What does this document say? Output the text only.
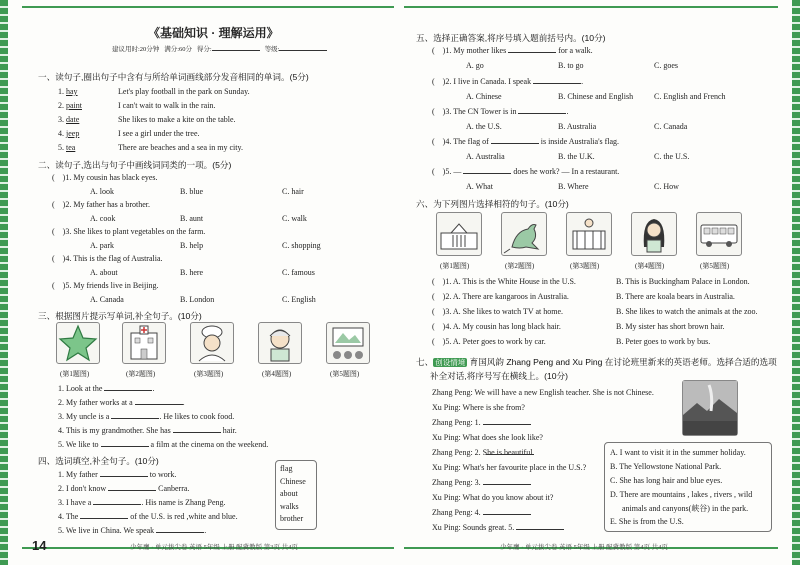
《基础知识 · 理解运用》
建议用时:20分钟 满分:60分 得分:	等级:
一、读句子,圈出句子中含有与所给单词画线部分发音相同的单词。(5分)
1. hay	Let's play football in the park on Sunday.
2. paint	I can't wait to walk in the rain.
3. date	She likes to make a kite on the table.
4. jeep	I see a girl under the tree.
5. tea	There are beaches and a sea in my city.
二、读句子,选出与句子中画线词同类的一项。(5分)
(    )1. My cousin has black eyes.
A. look	B. blue	C. hair
(    )2. My father has a brother.
A. cook	B. aunt	C. walk
(    )3. She likes to plant vegetables on the farm.
A. park	B. help	C. shopping
(    )4. This is the flag of Australia.
A. about	B. here	C. famous
(    )5. My friends live in Beijing.
A. Canada	B. London	C. English
三、根据图片提示写单词,补全句子。(10分)
(第1题图)	(第2题图)	(第3题图)	(第4题图)	(第5题图)
1. Look at the	.
2. My father works at a	.
3. My uncle is a	. He likes to cook food.
4. This is my grandmother. She has	hair.
5. We like to	a film at the cinema on the weekend.
四、选词填空,补全句子。(10分)
1. My father	to work.
2. I don't know	Canberra.
3. I have a	. His name is Zhang Peng.
4. The	of the U.S. is red ,white and blue.
5. We live in China. We speak	.
flag
Chinese
about
walks
brother
14	少年鹰 · 单元拔尖卷 英语 5年级 上册 配冀教版 第3页 共4页
五、选择正确答案,将序号填入题前括号内。(10分)
(    )1. My mother likes	for a walk.
A. go	B. to go	C. goes
(    )2. I live in Canada. I speak	.
A. Chinese	B. Chinese and English	C. English and French
(    )3. The CN Tower is in	.
A. the U.S.	B. Australia	C. Canada
(    )4. The flag of	is inside Australia's flag.
A. Australia	B. the U.K.	C. the U.S.
(    )5. —	does he work? — In a restaurant.
A. What	B. Where	C. How
六、为下列图片选择相符的句子。(10分)
(第1题图)	(第2题图)	(第3题图)	(第4题图)	(第5题图)
(    )1. A. This is the White House in the U.S.	B. This is Buckingham Palace in London.
(    )2. A. There are kangaroos in Australia.	B. There are koala bears in Australia.
(    )3. A. She likes to watch TV at home.	B. She likes to watch the animals at the zoo.
(    )4. A. My cousin has long black hair.	B. My sister has short brown hair.
(    )5. A. Peter goes to work by car.	B. Peter goes to work by bus.
七、 创设情境 育国风韵 Zhang Peng and Xu Ping 在讨论班里新来的英语老师。选择合适的选项
补全对话,将序号写在横线上。(10分)
Zhang Peng: We will have a new English teacher. She is not Chinese.
Xu Ping: Where is she from?
Zhang Peng: 1.
Xu Ping: What does she look like?
Zhang Peng: 2. She is beautiful.
Xu Ping: What's her favourite place in the U.S.?
Zhang Peng: 3.
Xu Ping: What do you know about it?
Zhang Peng: 4.
Xu Ping: Sounds great. 5.
A. I want to visit it in the summer holiday.
B. The Yellowstone National Park.
C. She has long hair and blue eyes.
D. There are mountains , lakes , rivers , wild
animals and canyons(峡谷) in the park.
E. She is from the U.S.
少年鹰 · 单元拔尖卷 英语 5年级 上册 配冀教版 第4页 共4页
